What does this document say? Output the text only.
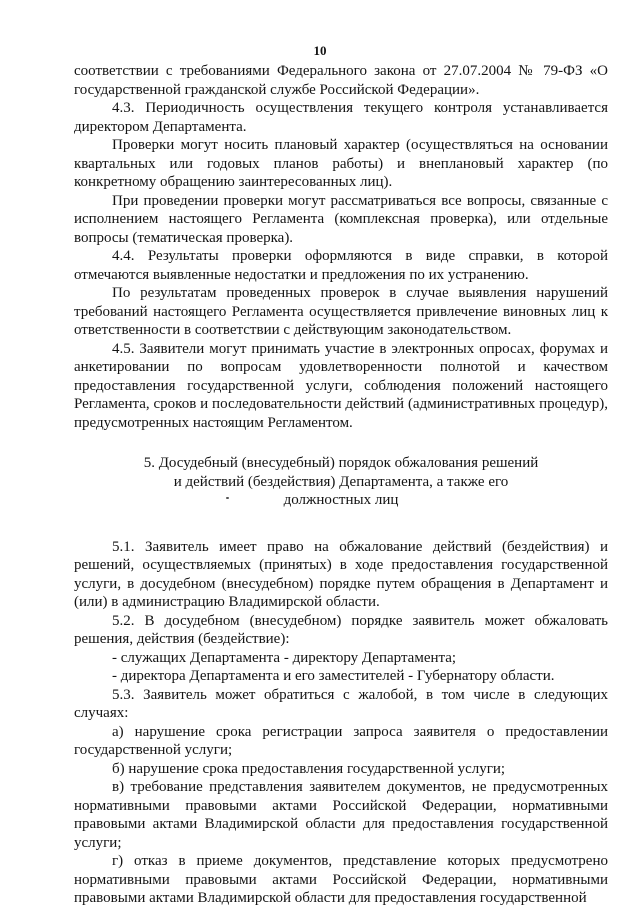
10

соответствии с требованиями Федерального закона от 27.07.2004 № 79-ФЗ «О государственной гражданской службе Российской Федерации».

4.3. Периодичность осуществления текущего контроля устанавливается директором Департамента.

Проверки могут носить плановый характер (осуществляться на основании квартальных или годовых планов работы) и внеплановый характер (по конкретному обращению заинтересованных лиц).

При проведении проверки могут рассматриваться все вопросы, связанные с исполнением настоящего Регламента (комплексная проверка), или отдельные вопросы (тематическая проверка).

4.4. Результаты проверки оформляются в виде справки, в которой отмечаются выявленные недостатки и предложения по их устранению.

По результатам проведенных проверок в случае выявления нарушений требований настоящего Регламента осуществляется привлечение виновных лиц к ответственности в соответствии с действующим законодательством.

4.5. Заявители могут принимать участие в электронных опросах, форумах и анкетировании по вопросам удовлетворенности полнотой и качеством предоставления государственной услуги, соблюдения положений настоящего Регламента, сроков и последовательности действий (административных процедур), предусмотренных настоящим Регламентом.

5. Досудебный (внесудебный) порядок обжалования решений
и действий (бездействия) Департамента, а также его
должностных лиц

5.1. Заявитель имеет право на обжалование действий (бездействия) и решений, осуществляемых (принятых) в ходе предоставления государственной услуги, в досудебном (внесудебном) порядке путем обращения в Департамент и (или) в администрацию Владимирской области.

5.2. В досудебном (внесудебном) порядке заявитель может обжаловать решения, действия (бездействие):

- служащих Департамента - директору Департамента;

- директора Департамента и его заместителей - Губернатору области.

5.3. Заявитель может обратиться с жалобой, в том числе в следующих случаях:

а) нарушение срока регистрации запроса заявителя о предоставлении государственной услуги;

б) нарушение срока предоставления государственной услуги;

в) требование представления заявителем документов, не предусмотренных нормативными правовыми актами Российской Федерации, нормативными правовыми актами Владимирской области для предоставления государственной услуги;

г) отказ в приеме документов, представление которых предусмотрено нормативными правовыми актами Российской Федерации, нормативными правовыми актами Владимирской области для предоставления государственной
